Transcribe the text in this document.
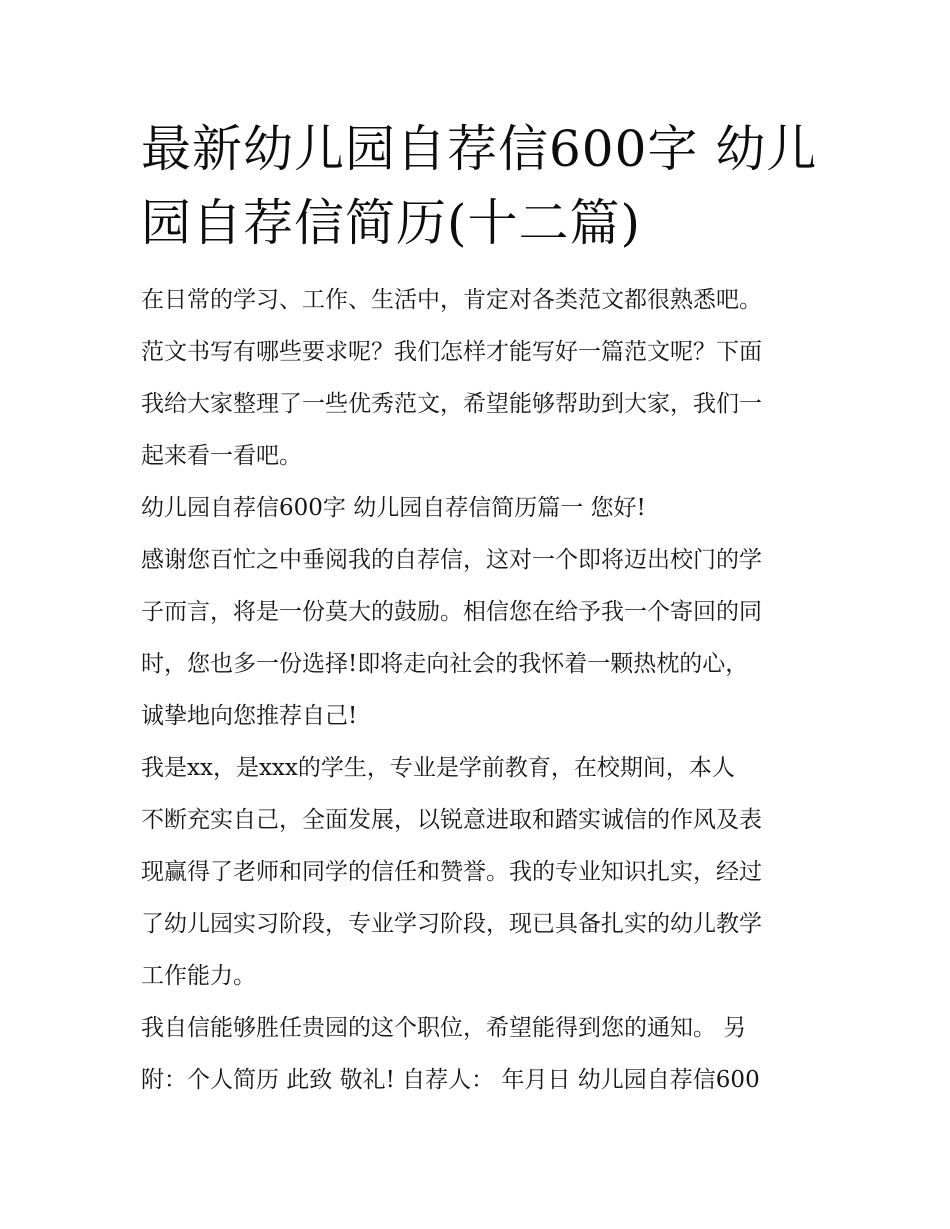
最新幼儿园自荐信600字 幼儿
园自荐信简历(十二篇)
在日常的学习、工作、生活中，肯定对各类范文都很熟悉吧。
范文书写有哪些要求呢？我们怎样才能写好一篇范文呢？下面
我给大家整理了一些优秀范文，希望能够帮助到大家，我们一
起来看一看吧。
幼儿园自荐信600字 幼儿园自荐信简历篇一 您好!
感谢您百忙之中垂阅我的自荐信，这对一个即将迈出校门的学
子而言，将是一份莫大的鼓励。相信您在给予我一个寄回的同
时，您也多一份选择!即将走向社会的我怀着一颗热枕的心，
诚挚地向您推荐自己!
我是xx，是xxx的学生，专业是学前教育，在校期间，本人
不断充实自己，全面发展，以锐意进取和踏实诚信的作风及表
现赢得了老师和同学的信任和赞誉。我的专业知识扎实，经过
了幼儿园实习阶段，专业学习阶段，现已具备扎实的幼儿教学
工作能力。
我自信能够胜任贵园的这个职位，希望能得到您的通知。 另
附：个人简历 此致 敬礼! 自荐人： 年月日 幼儿园自荐信600
